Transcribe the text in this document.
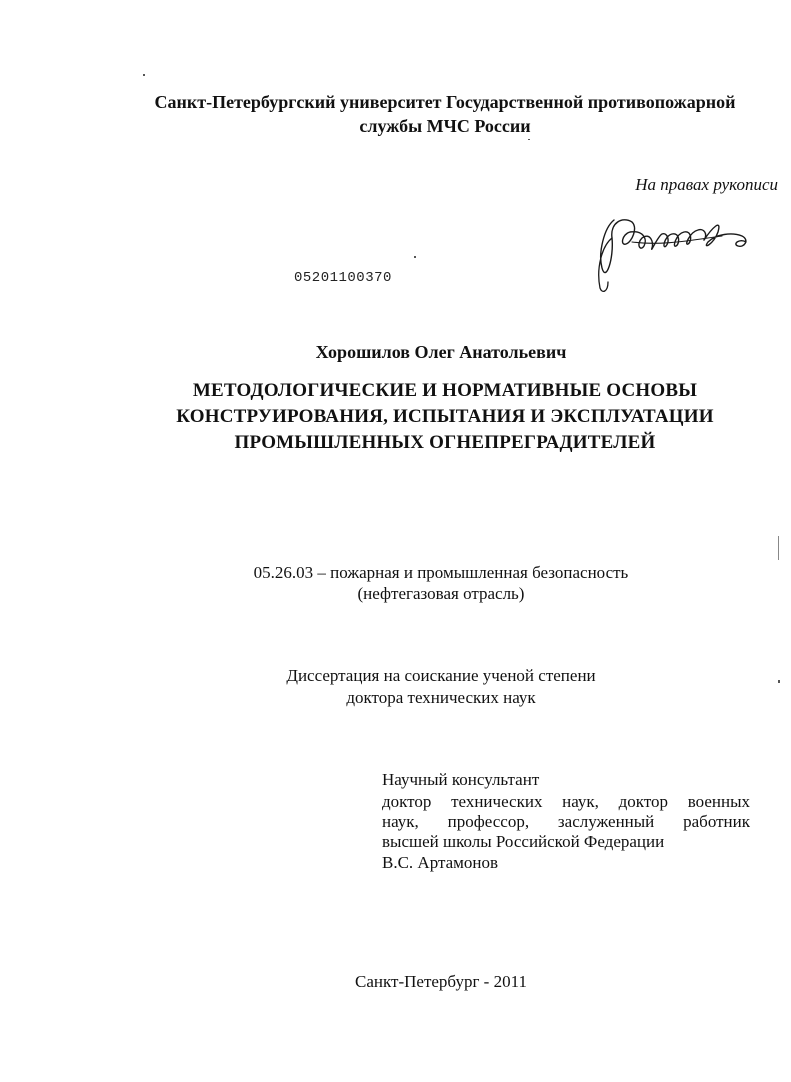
Санкт-Петербургский университет Государственной противопожарной
службы МЧС России
На правах рукописи
05201100370
Хорошилов Олег Анатольевич
МЕТОДОЛОГИЧЕСКИЕ И НОРМАТИВНЫЕ ОСНОВЫ
КОНСТРУИРОВАНИЯ, ИСПЫТАНИЯ И ЭКСПЛУАТАЦИИ
ПРОМЫШЛЕННЫХ ОГНЕПРЕГРАДИТЕЛЕЙ
05.26.03 – пожарная и промышленная безопасность
(нефтегазовая отрасль)
Диссертация на соискание ученой степени
доктора технических наук
Научный консультант
доктор технических наук, доктор военных
наук, профессор, заслуженный работник
высшей школы Российской Федерации
В.С. Артамонов
Санкт-Петербург - 2011
